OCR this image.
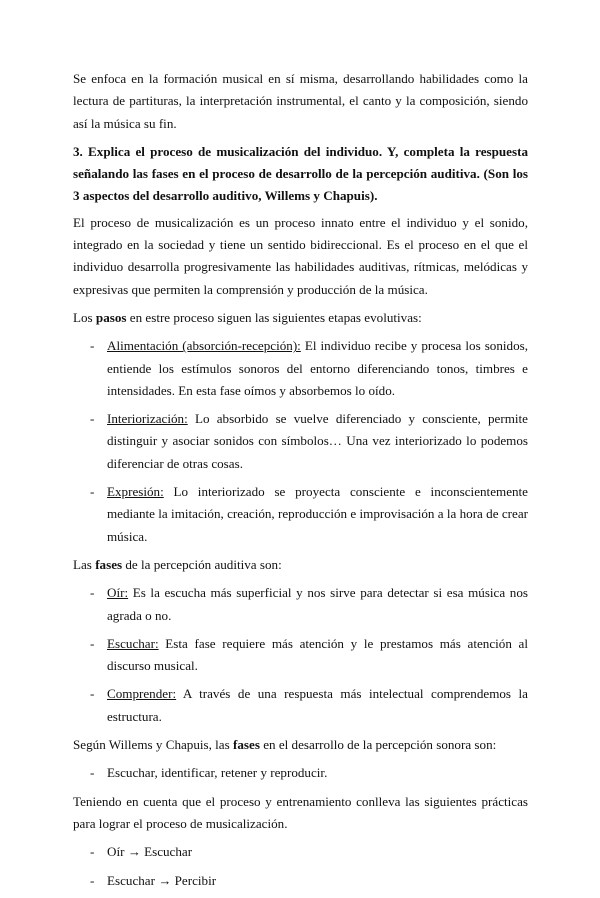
Se enfoca en la formación musical en sí misma, desarrollando habilidades como la lectura de partituras, la interpretación instrumental, el canto y la composición, siendo así la música su fin.

3. Explica el proceso de musicalización del individuo. Y, completa la respuesta señalando las fases en el proceso de desarrollo de la percepción auditiva. (Son los 3 aspectos del desarrollo auditivo, Willems y Chapuis).

El proceso de musicalización es un proceso innato entre el individuo y el sonido, integrado en la sociedad y tiene un sentido bidireccional. Es el proceso en el que el individuo desarrolla progresivamente las habilidades auditivas, rítmicas, melódicas y expresivas que permiten la comprensión y producción de la música.

Los pasos en estre proceso siguen las siguientes etapas evolutivas:

- Alimentación (absorción-recepción): El individuo recibe y procesa los sonidos, entiende los estímulos sonoros del entorno diferenciando tonos, timbres e intensidades. En esta fase oímos y absorbemos lo oído.
- Interiorización: Lo absorbido se vuelve diferenciado y consciente, permite distinguir y asociar sonidos con símbolos… Una vez interiorizado lo podemos diferenciar de otras cosas.
- Expresión: Lo interiorizado se proyecta consciente e inconscientemente mediante la imitación, creación, reproducción e improvisación a la hora de crear música.

Las fases de la percepción auditiva son:

- Oír: Es la escucha más superficial y nos sirve para detectar si esa música nos agrada o no.
- Escuchar: Esta fase requiere más atención y le prestamos más atención al discurso musical.
- Comprender: A través de una respuesta más intelectual comprendemos la estructura.

Según Willems y Chapuis, las fases en el desarrollo de la percepción sonora son:

- Escuchar, identificar, retener y reproducir.

Teniendo en cuenta que el proceso y entrenamiento conlleva las siguientes prácticas para lograr el proceso de musicalización.

- Oír → Escuchar
- Escuchar → Percibir
